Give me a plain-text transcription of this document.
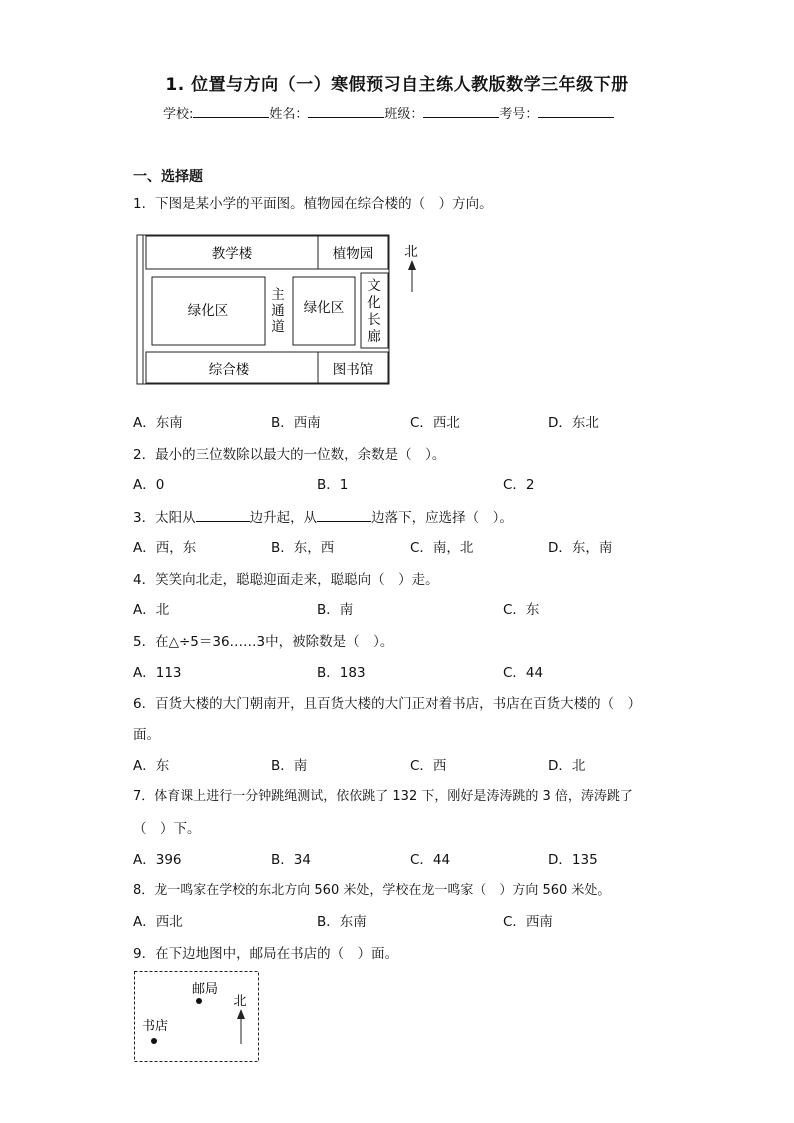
1. 位置与方向（一）寒假预习自主练人教版数学三年级下册
学校:	姓名：	班级：	考号：
一、选择题
1．下图是某小学的平面图。植物园在综合楼的（　）方向。
教学楼	植物园
绿化区
主
通
道
绿化区
文
化
长
廊
综合楼	图书馆
北
A．东南	B．西南	C．西北	D．东北
2．最小的三位数除以最大的一位数，余数是（　）。
A．0	B．1	C．2
3．太阳从	边升起，从	边落下，应选择（　）。
A．西，东	B．东，西	C．南，北	D．东，南
4．笑笑向北走，聪聪迎面走来，聪聪向（　）走。
A．北	B．南	C．东
5．在△÷5＝36……3中，被除数是（　）。
A．113	B．183	C．44
6．百货大楼的大门朝南开，且百货大楼的大门正对着书店，书店在百货大楼的（　）
面。
A．东	B．南	C．西	D．北
7．体育课上进行一分钟跳绳测试，依依跳了 132 下，刚好是涛涛跳的 3 倍，涛涛跳了
（　）下。
A．396	B．34	C．44	D．135
8．龙一鸣家在学校的东北方向 560 米处，学校在龙一鸣家（　）方向 560 米处。
A．西北	B．东南	C．西南
9．在下边地图中，邮局在书店的（　）面。
邮局
书店
北
